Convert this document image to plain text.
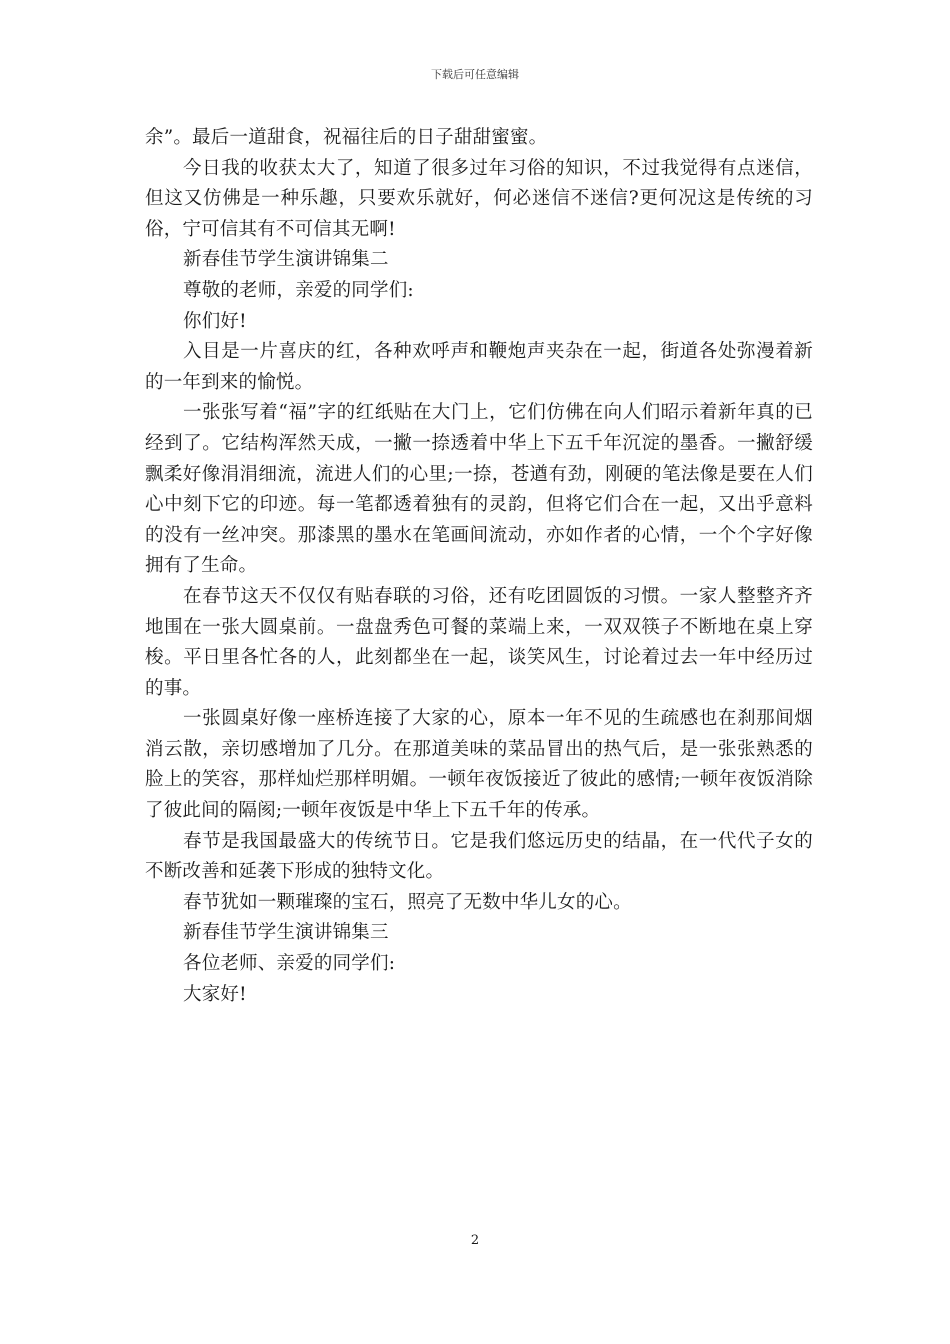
下载后可任意编辑

余”。最后一道甜食，祝福往后的日子甜甜蜜蜜。

今日我的收获太大了，知道了很多过年习俗的知识，不过我觉得有点迷信，但这又仿佛是一种乐趣，只要欢乐就好，何必迷信不迷信?更何况这是传统的习俗，宁可信其有不可信其无啊!

新春佳节学生演讲锦集二

尊敬的老师，亲爱的同学们:

你们好!

入目是一片喜庆的红，各种欢呼声和鞭炮声夹杂在一起，街道各处弥漫着新的一年到来的愉悦。

一张张写着“福”字的红纸贴在大门上，它们仿佛在向人们昭示着新年真的已经到了。它结构浑然天成，一撇一捺透着中华上下五千年沉淀的墨香。一撇舒缓飘柔好像涓涓细流，流进人们的心里;一捺，苍遒有劲，刚硬的笔法像是要在人们心中刻下它的印迹。每一笔都透着独有的灵韵，但将它们合在一起，又出乎意料的没有一丝冲突。那漆黑的墨水在笔画间流动，亦如作者的心情，一个个字好像拥有了生命。

在春节这天不仅仅有贴春联的习俗，还有吃团圆饭的习惯。一家人整整齐齐地围在一张大圆桌前。一盘盘秀色可餐的菜端上来，一双双筷子不断地在桌上穿梭。平日里各忙各的人，此刻都坐在一起，谈笑风生，讨论着过去一年中经历过的事。

一张圆桌好像一座桥连接了大家的心，原本一年不见的生疏感也在刹那间烟消云散，亲切感增加了几分。在那道美味的菜品冒出的热气后，是一张张熟悉的脸上的笑容，那样灿烂那样明媚。一顿年夜饭接近了彼此的感情;一顿年夜饭消除了彼此间的隔阂;一顿年夜饭是中华上下五千年的传承。

春节是我国最盛大的传统节日。它是我们悠远历史的结晶，在一代代子女的不断改善和延袭下形成的独特文化。

春节犹如一颗璀璨的宝石，照亮了无数中华儿女的心。

新春佳节学生演讲锦集三

各位老师、亲爱的同学们:

大家好!

2
